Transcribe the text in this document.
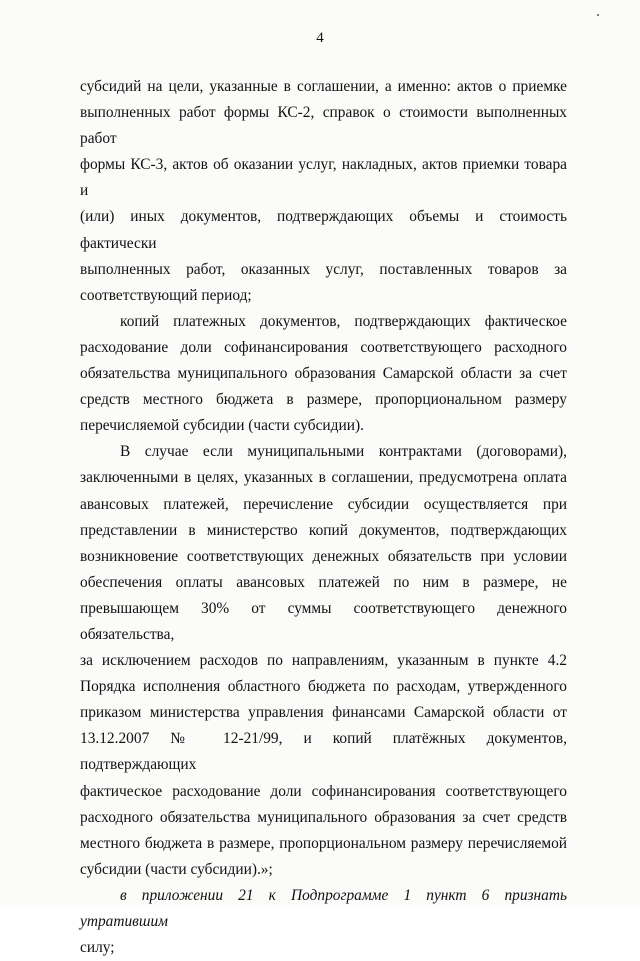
4

субсидий на цели, указанные в соглашении, а именно: актов о приемке
выполненных работ формы КС-2, справок о стоимости выполненных работ
формы КС-3, актов об оказании услуг, накладных, актов приемки товара и
(или) иных документов, подтверждающих объемы и стоимость фактически
выполненных работ, оказанных услуг, поставленных товаров за
соответствующий период;

копий платежных документов, подтверждающих фактическое
расходование доли софинансирования соответствующего расходного
обязательства муниципального образования Самарской области за счет
средств местного бюджета в размере, пропорциональном размеру
перечисляемой субсидии (части субсидии).

В случае если муниципальными контрактами (договорами),
заключенными в целях, указанных в соглашении, предусмотрена оплата
авансовых платежей, перечисление субсидии осуществляется при
представлении в министерство копий документов, подтверждающих
возникновение соответствующих денежных обязательств при условии
обеспечения оплаты авансовых платежей по ним в размере, не
превышающем 30% от суммы соответствующего денежного обязательства,
за исключением расходов по направлениям, указанным в пункте 4.2
Порядка исполнения областного бюджета по расходам, утвержденного
приказом министерства управления финансами Самарской области от
13.12.2007 № 12-21/99, и копий платёжных документов, подтверждающих
фактическое расходование доли софинансирования соответствующего
расходного обязательства муниципального образования за счет средств
местного бюджета в размере, пропорциональном размеру перечисляемой
субсидии (части субсидии).»;

в приложении 21 к Подпрограмме 1 пункт 6 признать утратившим
силу;
